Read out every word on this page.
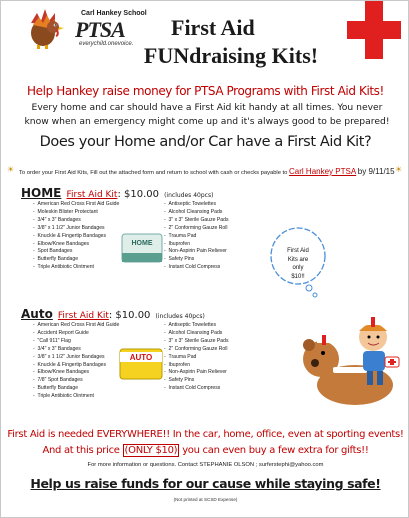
Carl Hankey School
PTSA
everychild.onevoice.
First Aid
FUNdraising Kits!
Help Hankey raise money for PTSA Programs with First Aid Kits!
Every home and car should have a First Aid kit handy at all times. You never know when an emergency might come up and it's always good to be prepared!
Does your Home and/or Car have a First Aid Kit?
☀	☀
To order your First Aid Kits, Fill out the attached form and return to school with cash or checks payable to Carl Hankey PTSA by 9/11/15
HOME First Aid Kit: $10.00 (includes 40pcs)
-  American Red Cross First Aid Guide
-  Moleskin Blister Protectant
-  3/4" x 3" Bandages
-  3/8" x 1 1/2" Junior Bandages
-  Knuckle & Fingertip Bandages
-  Elbow/Knee Bandages
-  Spot Bandages
-  Butterfly Bandage
-  Triple Antibiotic Ointment
-  Antiseptic Towelettes
-  Alcohol Cleansing Pads
-  3" x 3" Sterile Gauze Pads
-  2" Conforming Gauze Roll
-  Trauma Pad
-  Ibuprofen
-  Non-Aspirin Pain Reliever
-  Safety Pins
-  Instant Cold Compress
HOME
Auto First Aid Kit: $10.00 (includes 40pcs)
-  American Red Cross First Aid Guide
-  Accident Report Guide
-  "Call 911" Flag
-  3/4" x 3" Bandages
-  3/8" x 1 1/2" Junior Bandages
-  Knuckle & Fingertip Bandages
-  Elbow/Knee Bandages
-  7/8" Spot Bandages
-  Butterfly Bandage
-  Triple Antibiotic Ointment
-  Antiseptic Towelettes
-  Alcohol Cleansing Pads
-  3" x 3" Sterile Gauze Pads
-  2" Conforming Gauze Roll
-  Trauma Pad
-  Ibuprofen
-  Non-Aspirin Pain Reliever
-  Safety Pins
-  Instant Cold Compress
AUTO
First Aid
Kits are
only
$10!!
First Aid is needed EVERYWHERE!! In the car, home, office, even at sporting events!
And at this price (ONLY $10) you can even buy a few extra for gifts!!
For more information or questions. Contact STEPHANIE OLSON ; surferstephi@yahoo.com
Help us raise funds for our cause while staying safe!
(Not printed at SCSD Expense)
